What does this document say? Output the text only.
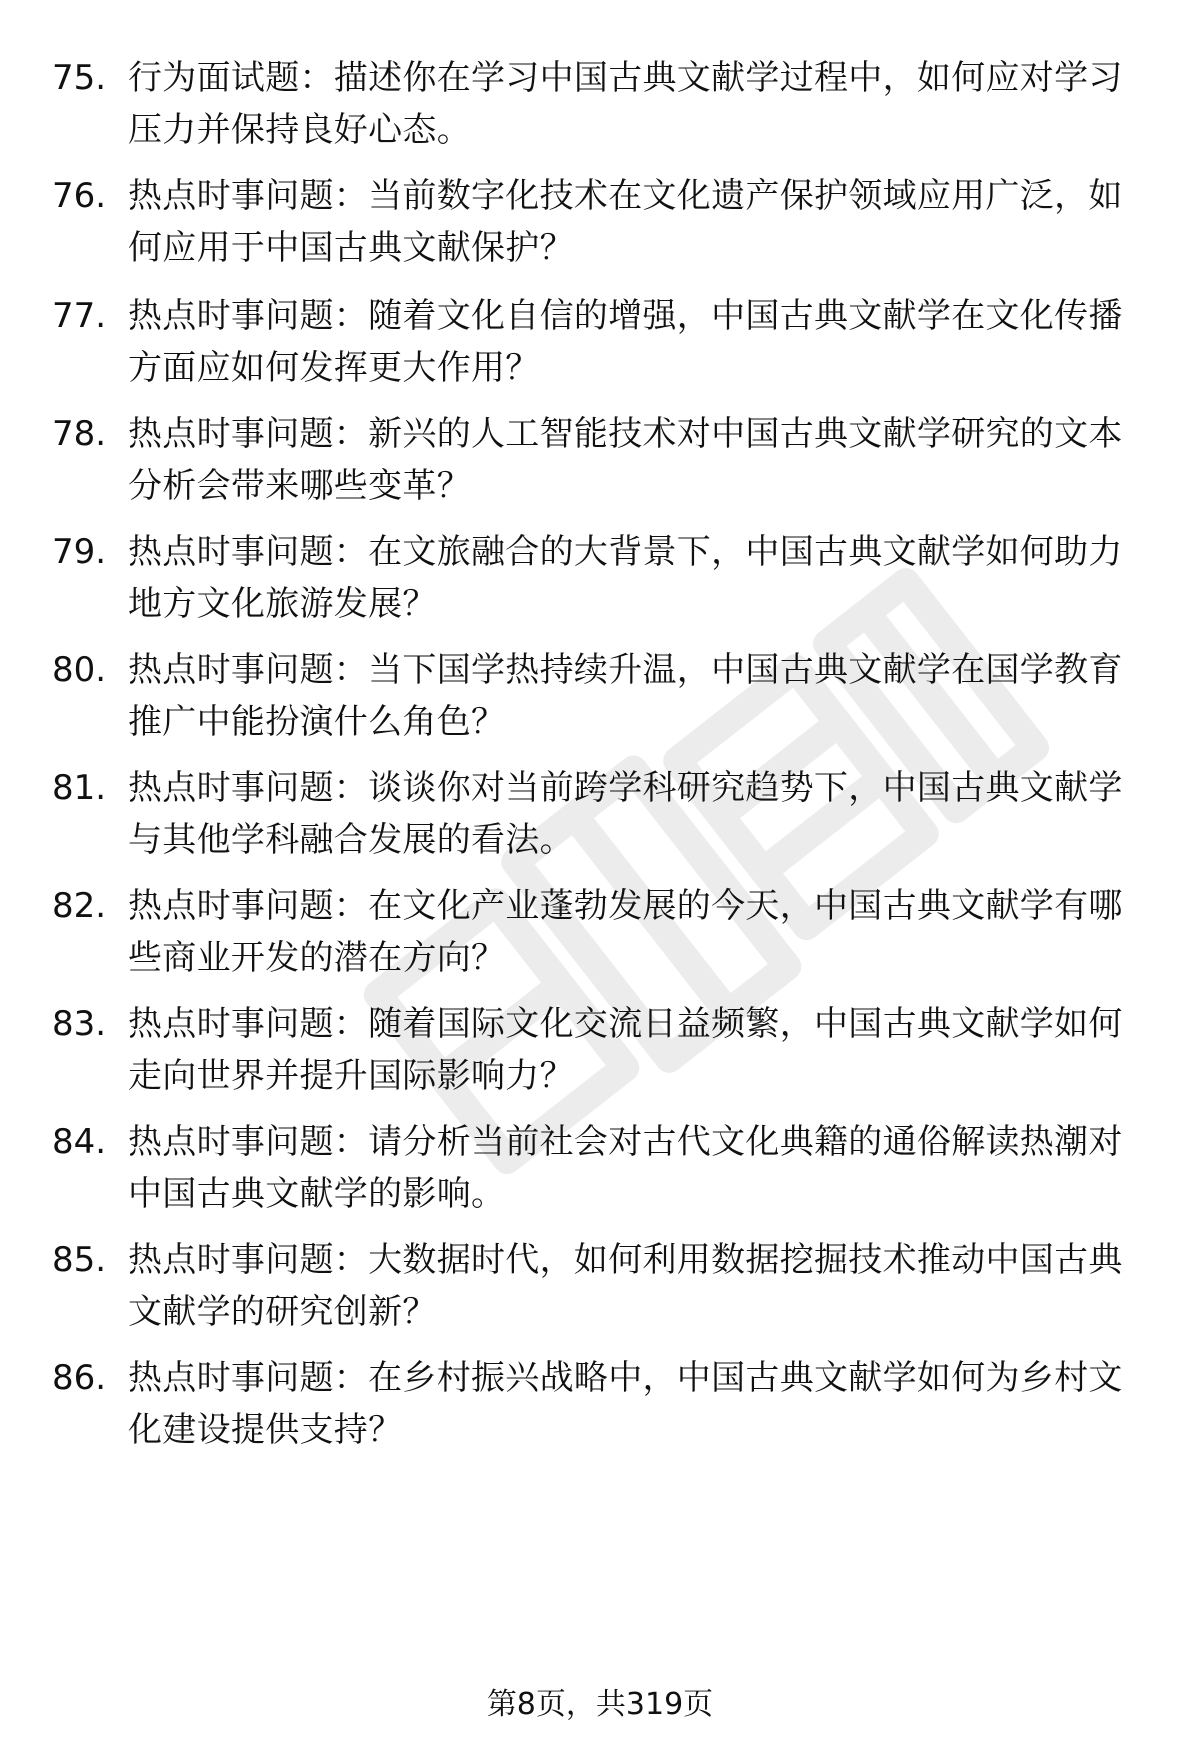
75. 行为面试题：描述你在学习中国古典文献学过程中，如何应对学习压力并保持良好心态。
76. 热点时事问题：当前数字化技术在文化遗产保护领域应用广泛，如何应用于中国古典文献保护？
77. 热点时事问题：随着文化自信的增强，中国古典文献学在文化传播方面应如何发挥更大作用？
78. 热点时事问题：新兴的人工智能技术对中国古典文献学研究的文本分析会带来哪些变革？
79. 热点时事问题：在文旅融合的大背景下，中国古典文献学如何助力地方文化旅游发展？
80. 热点时事问题：当下国学热持续升温，中国古典文献学在国学教育推广中能扮演什么角色？
81. 热点时事问题：谈谈你对当前跨学科研究趋势下，中国古典文献学与其他学科融合发展的看法。
82. 热点时事问题：在文化产业蓬勃发展的今天，中国古典文献学有哪些商业开发的潜在方向？
83. 热点时事问题：随着国际文化交流日益频繁，中国古典文献学如何走向世界并提升国际影响力？
84. 热点时事问题：请分析当前社会对古代文化典籍的通俗解读热潮对中国古典文献学的影响。
85. 热点时事问题：大数据时代，如何利用数据挖掘技术推动中国古典文献学的研究创新？
86. 热点时事问题：在乡村振兴战略中，中国古典文献学如何为乡村文化建设提供支持？
第8页，共319页
